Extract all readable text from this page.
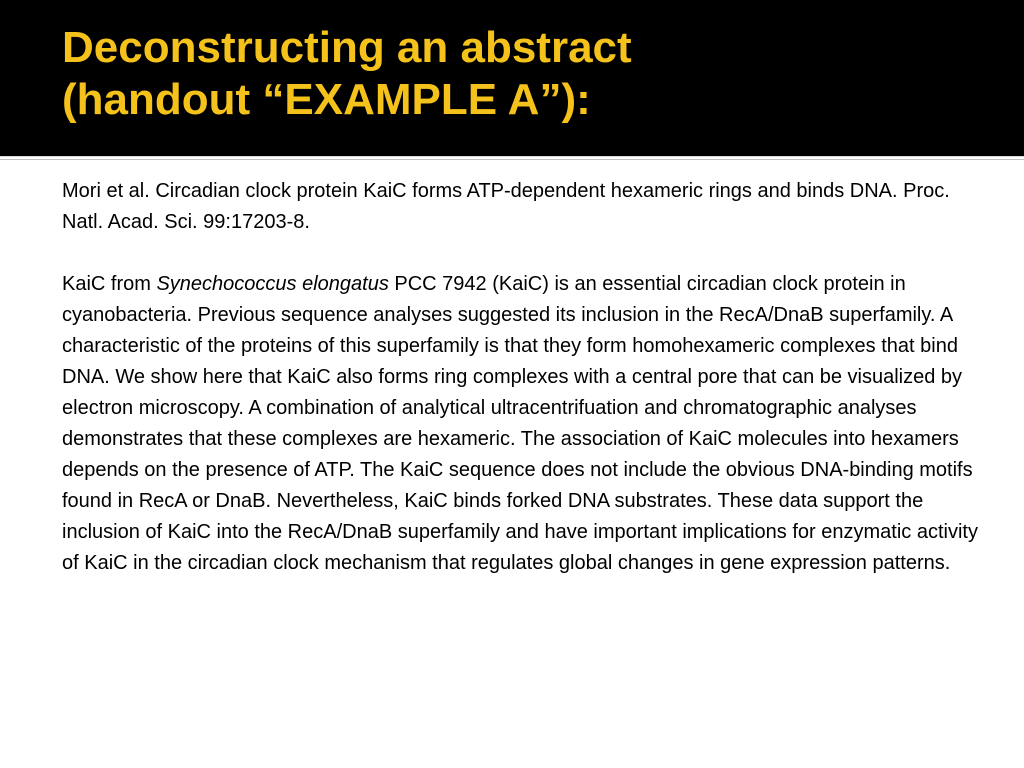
Deconstructing an abstract
(handout “EXAMPLE A”):

Mori et al. Circadian clock protein KaiC forms ATP-dependent hexameric rings and binds DNA. Proc. Natl. Acad. Sci. 99:17203-8.

KaiC from Synechococcus elongatus PCC 7942 (KaiC) is an essential circadian clock protein in cyanobacteria. Previous sequence analyses suggested its inclusion in the RecA/DnaB superfamily. A characteristic of the proteins of this superfamily is that they form homohexameric complexes that bind DNA. We show here that KaiC also forms ring complexes with a central pore that can be visualized by electron microscopy. A combination of analytical ultracentrifuation and chromatographic analyses demonstrates that these complexes are hexameric. The association of KaiC molecules into hexamers depends on the presence of ATP. The KaiC sequence does not include the obvious DNA-binding motifs found in RecA or DnaB. Nevertheless, KaiC binds forked DNA substrates. These data support the inclusion of KaiC into the RecA/DnaB superfamily and have important implications for enzymatic activity of KaiC in the circadian clock mechanism that regulates global changes in gene expression patterns.
